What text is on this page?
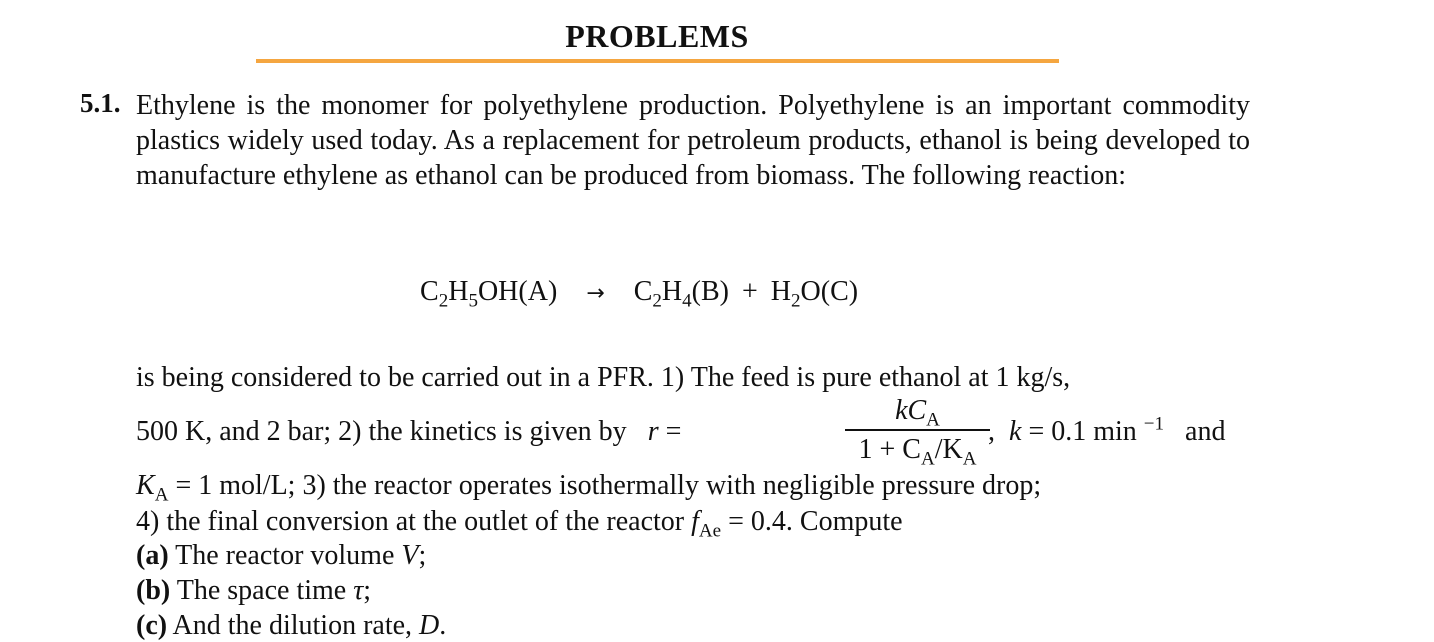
PROBLEMS
5.1. Ethylene is the monomer for polyethylene production. Polyethylene is an important commodity plastics widely used today. As a replacement for petroleum products, ethanol is being developed to manufacture ethylene as ethanol can be produced from biomass. The following reaction:
$C_2H_5OH(A) \to C_2H_4(B) + H_2O(C)$
is being considered to be carried out in a PFR. 1) The feed is pure ethanol at 1 kg/s,
500 K, and 2 bar; 2) the kinetics is given by   r =
$kC_A$
$1 + C_A/K_A$
,  k = 0.1 min $^{-1}$   and
$K_A = 1$ mol/L; 3) the reactor operates isothermally with negligible pressure drop;
4) the final conversion at the outlet of the reactor $f_{Ae} = 0.4$. Compute
(a) The reactor volume V;
(b) The space time τ;
(c) And the dilution rate, D.
